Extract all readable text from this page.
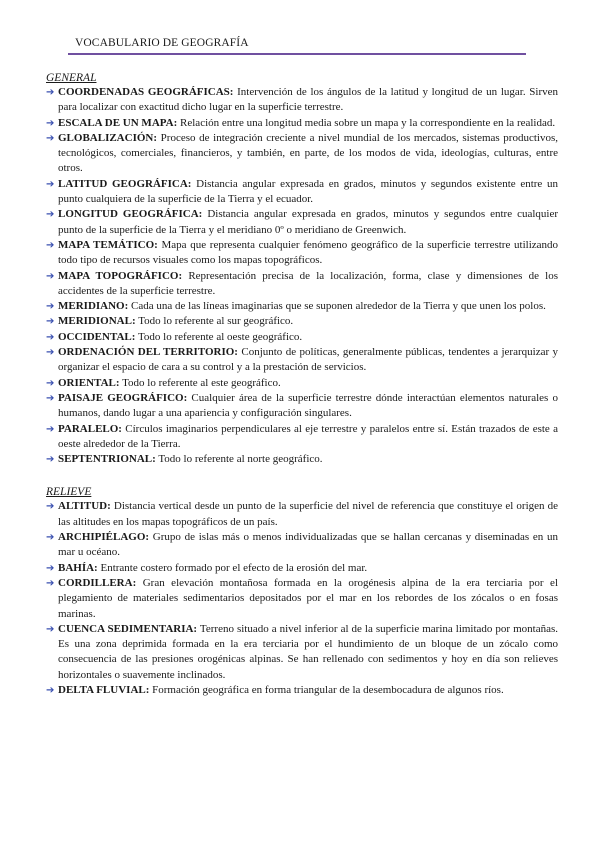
VOCABULARIO DE GEOGRAFÍA
GENERAL
➔ COORDENADAS GEOGRÁFICAS: Intervención de los ángulos de la latitud y longitud de un lugar. Sirven para localizar con exactitud dicho lugar en la superficie terrestre.
➔ ESCALA DE UN MAPA: Relación entre una longitud media sobre un mapa y la correspondiente en la realidad.
➔ GLOBALIZACIÓN: Proceso de integración creciente a nivel mundial de los mercados, sistemas productivos, tecnológicos, comerciales, financieros, y también, en parte, de los modos de vida, ideologías, culturas, entre otros.
➔ LATITUD GEOGRÁFICA: Distancia angular expresada en grados, minutos y segundos existente entre un punto cualquiera de la superficie de la Tierra y el ecuador.
➔ LONGITUD GEOGRÁFICA: Distancia angular expresada en grados, minutos y segundos entre cualquier punto de la superficie de la Tierra y el meridiano 0º o meridiano de Greenwich.
➔ MAPA TEMÁTICO: Mapa que representa cualquier fenómeno geográfico de la superficie terrestre utilizando todo tipo de recursos visuales como los mapas topográficos.
➔ MAPA TOPOGRÁFICO: Representación precisa de la localización, forma, clase y dimensiones de los accidentes de la superficie terrestre.
➔ MERIDIANO: Cada una de las líneas imaginarias que se suponen alrededor de la Tierra y que unen los polos.
➔ MERIDIONAL: Todo lo referente al sur geográfico.
➔ OCCIDENTAL: Todo lo referente al oeste geográfico.
➔ ORDENACIÓN DEL TERRITORIO: Conjunto de políticas, generalmente públicas, tendentes a jerarquizar y organizar el espacio de cara a su control y a la prestación de servicios.
➔ ORIENTAL: Todo lo referente al este geográfico.
➔ PAISAJE GEOGRÁFICO: Cualquier área de la superficie terrestre dónde interactúan elementos naturales o humanos, dando lugar a una apariencia y configuración singulares.
➔ PARALELO: Círculos imaginarios perpendiculares al eje terrestre y paralelos entre sí. Están trazados de este a oeste alrededor de la Tierra.
➔ SEPTENTRIONAL: Todo lo referente al norte geográfico.
RELIEVE
➔ ALTITUD: Distancia vertical desde un punto de la superficie del nivel de referencia que constituye el origen de las altitudes en los mapas topográficos de un país.
➔ ARCHIPIÉLAGO: Grupo de islas más o menos individualizadas que se hallan cercanas y diseminadas en un mar u océano.
➔ BAHÍA: Entrante costero formado por el efecto de la erosión del mar.
➔ CORDILLERA: Gran elevación montañosa formada en la orogénesis alpina de la era terciaria por el plegamiento de materiales sedimentarios depositados por el mar en los rebordes de los zócalos o en fosas marinas.
➔ CUENCA SEDIMENTARIA: Terreno situado a nivel inferior al de la superficie marina limitado por montañas. Es una zona deprimida formada en la era terciaria por el hundimiento de un bloque de un zócalo como consecuencia de las presiones orogénicas alpinas. Se han rellenado con sedimentos y hoy en día son relieves horizontales o suavemente inclinados.
➔ DELTA FLUVIAL: Formación geográfica en forma triangular de la desembocadura de algunos ríos.
